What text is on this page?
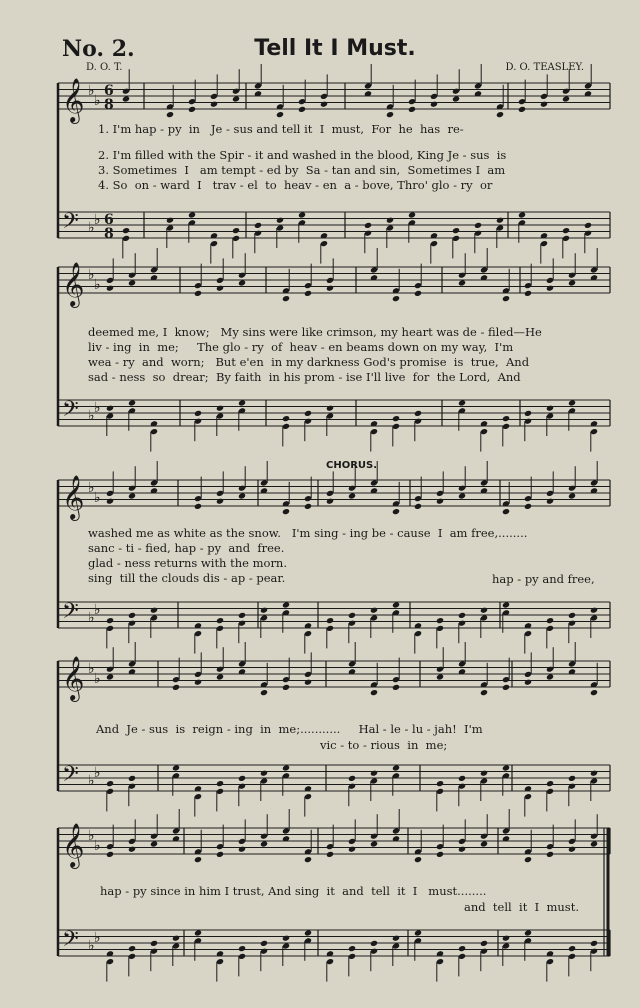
No. 2.	Tell It I Must.
D. O. T.	D. O. TEASLEY.
𝄞 ♭
♭
6
8
𝄢 ♭ ♭ 6
8
𝄞 ♭
♭
𝄢 ♭ ♭
𝄞 ♭
♭
𝄢 ♭ ♭
𝄞 ♭
♭
𝄢 ♭ ♭
𝄞 ♭
♭
𝄢 ♭ ♭
1. I'm hap - py  in   Je - sus and tell it  I  must,  For  he  has  re-
2. I'm filled with the Spir - it and washed in the blood, King Je - sus  is
3. Sometimes  I   am tempt - ed by  Sa - tan and sin,  Sometimes I  am
4. So  on - ward  I   trav - el  to  heav - en  a - bove, Thro' glo - ry  or
deemed me, I  know;   My sins were like crimson, my heart was de - filed—He
liv - ing  in  me;     The glo - ry  of  heav - en beams down on my way,  I'm
wea - ry  and  worn;   But e'en  in my darkness God's promise  is  true,  And
sad - ness  so  drear;  By faith  in his prom - ise I'll live  for  the Lord,  And
CHORUS.
washed me as white as the snow.   I'm sing - ing be - cause  I  am free,........
sanc - ti - fied, hap - py  and  free.
glad - ness returns with the morn.
sing  till the clouds dis - ap - pear.	hap - py and free,
And  Je - sus  is  reign - ing  in  me;...........     Hal - le - lu - jah!  I'm
vic - to - rious  in  me;
hap - py since in him I trust, And sing  it  and  tell  it  I   must........
and  tell  it  I  must.
